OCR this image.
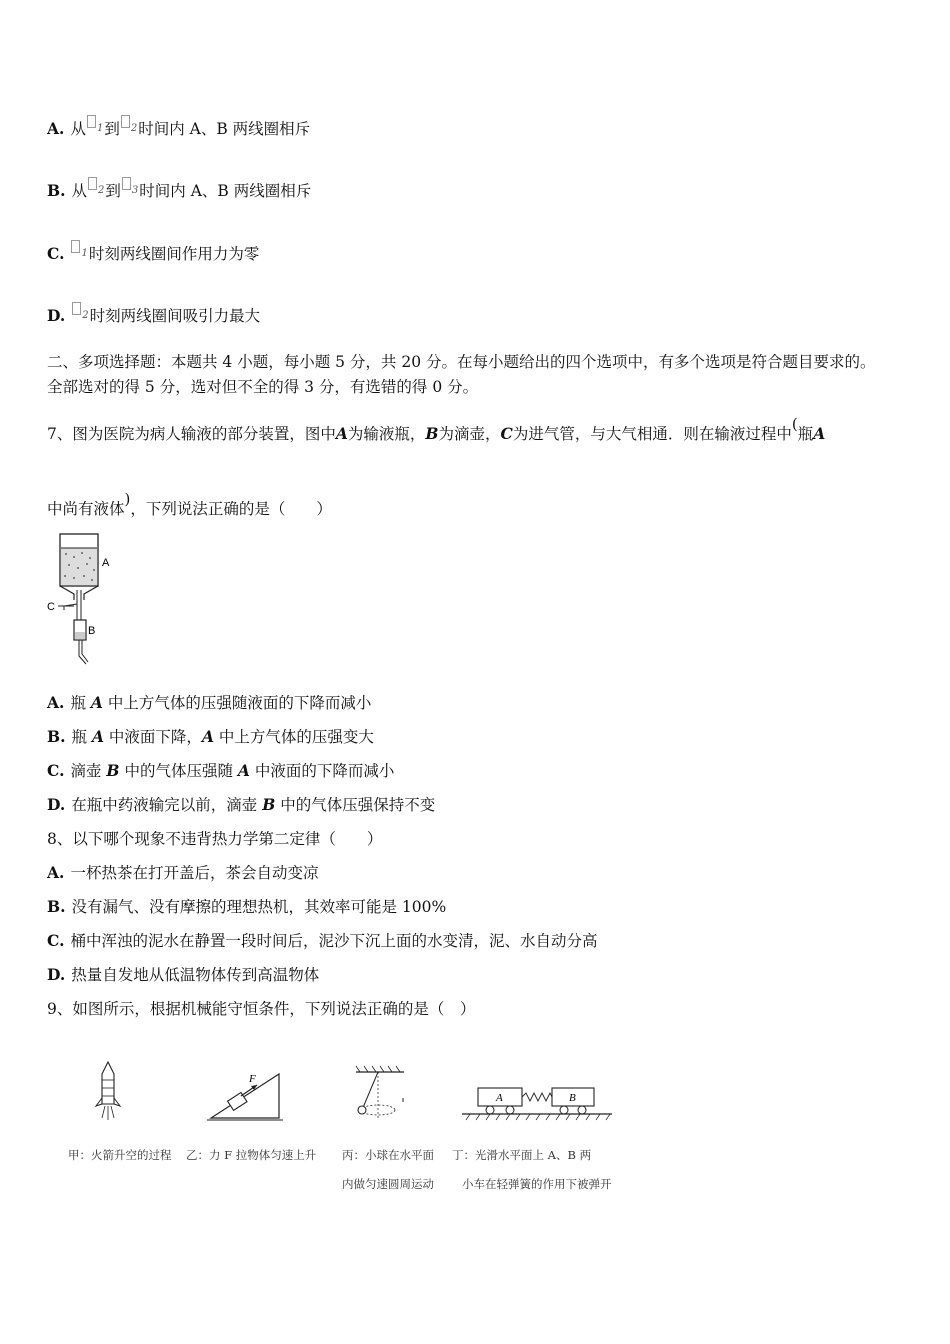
A. 从 $^1$到 $^2$时间内 A、B 两线圈相斥
B. 从 $^2$到 $^3$时间内 A、B 两线圈相斥
C. $^1$时刻两线圈间作用力为零
D. $^2$时刻两线圈间吸引力最大
二、多项选择题：本题共 4 小题，每小题 5 分，共 20 分。在每小题给出的四个选项中，有多个选项是符合题目要求的。
全部选对的得 5 分，选对但不全的得 3 分，有选错的得 0 分。
7、图为医院为病人输液的部分装置，图中A为输液瓶，B为滴壶，C为进气管，与大气相通．则在输液过程中(瓶A
中尚有液体)，下列说法正确的是（　　）
A
B
C
A. 瓶 A 中上方气体的压强随液面的下降而减小
B. 瓶 A 中液面下降，A 中上方气体的压强变大
C. 滴壶 B 中的气体压强随 A 中液面的下降而减小
D. 在瓶中药液输完以前，滴壶 B 中的气体压强保持不变
8、以下哪个现象不违背热力学第二定律（　　）
A. 一杯热茶在打开盖后，茶会自动变凉
B. 没有漏气、没有摩擦的理想热机，其效率可能是 100%
C. 桶中浑浊的泥水在静置一段时间后，泥沙下沉上面的水变清，泥、水自动分高
D. 热量自发地从低温物体传到高温物体
9、如图所示，根据机械能守恒条件，下列说法正确的是（　）
F
A	B
甲：火箭升空的过程 乙：力 F 拉物体匀速上升 丙：小球在水平面
内做匀速圆周运动
丁：光滑水平面上 A、B 两
小车在轻弹簧的作用下被弹开
